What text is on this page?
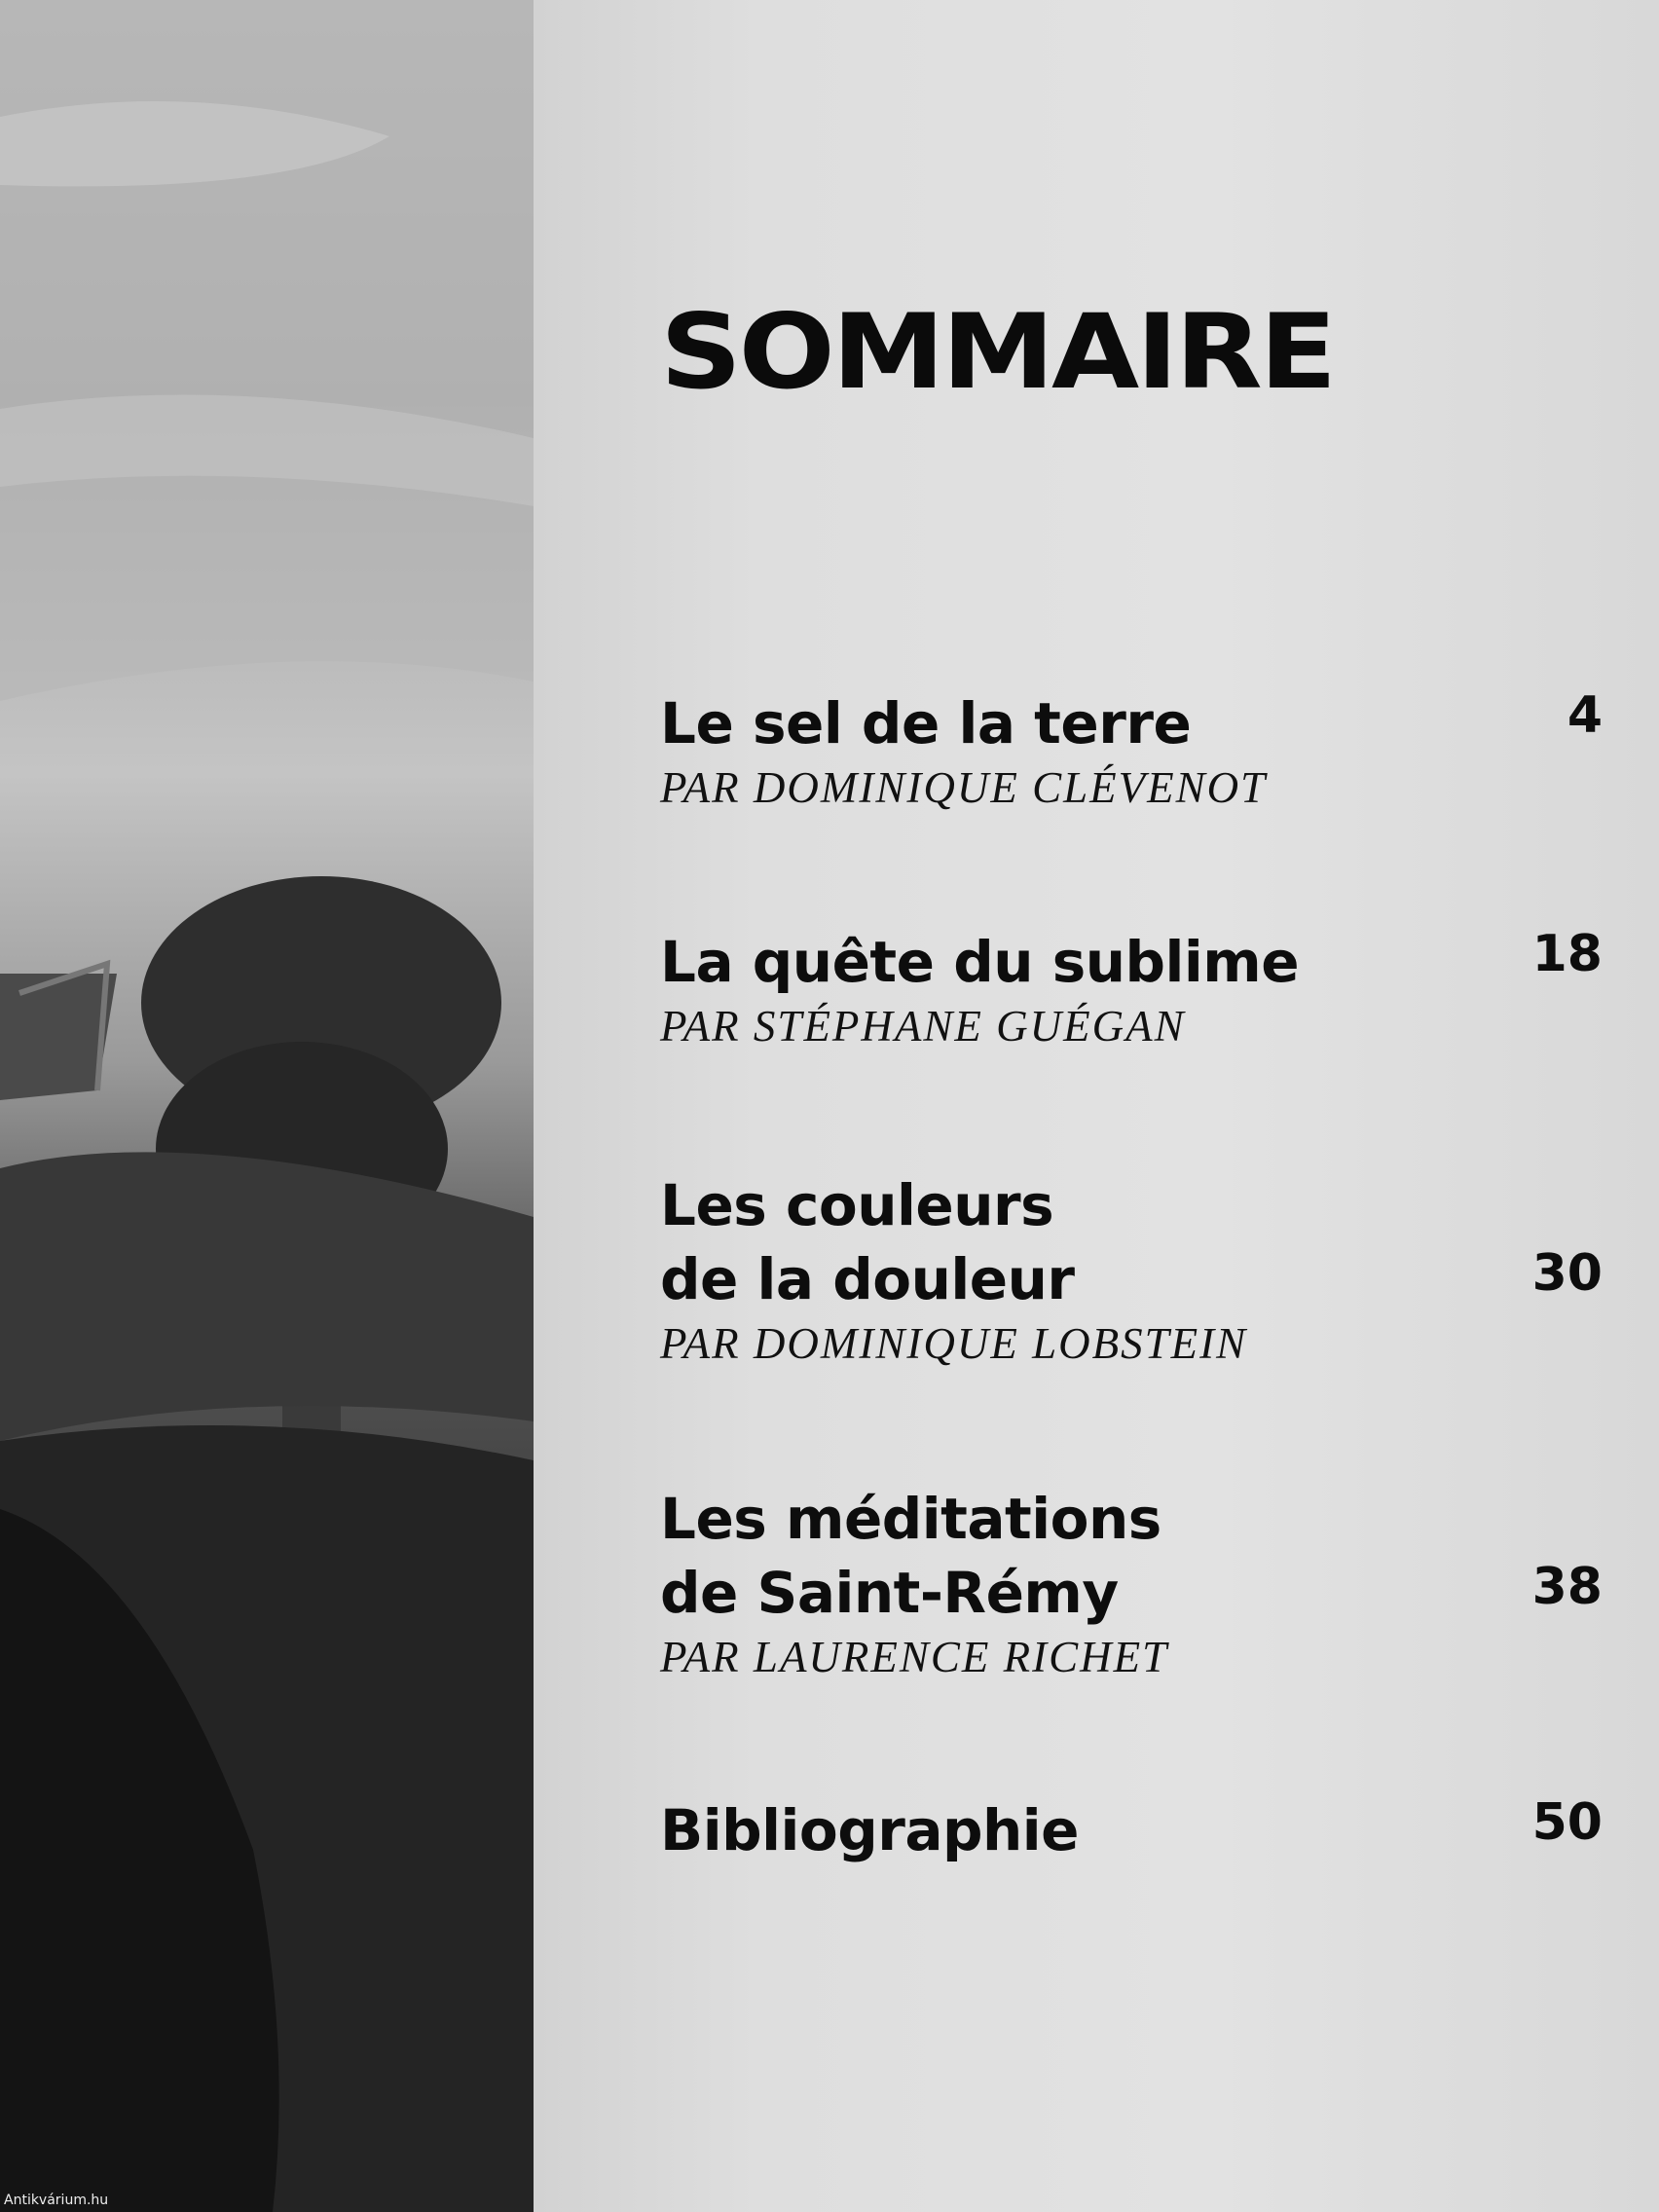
Antikvárium.hu
SOMMAIRE
Le sel de la terre
PAR DOMINIQUE CLÉVENOT
4
La quête du sublime
PAR STÉPHANE GUÉGAN
18
Les couleurs
de la douleur
PAR DOMINIQUE LOBSTEIN
30
Les méditations
de Saint-Rémy
PAR LAURENCE RICHET
38
Bibliographie	50
